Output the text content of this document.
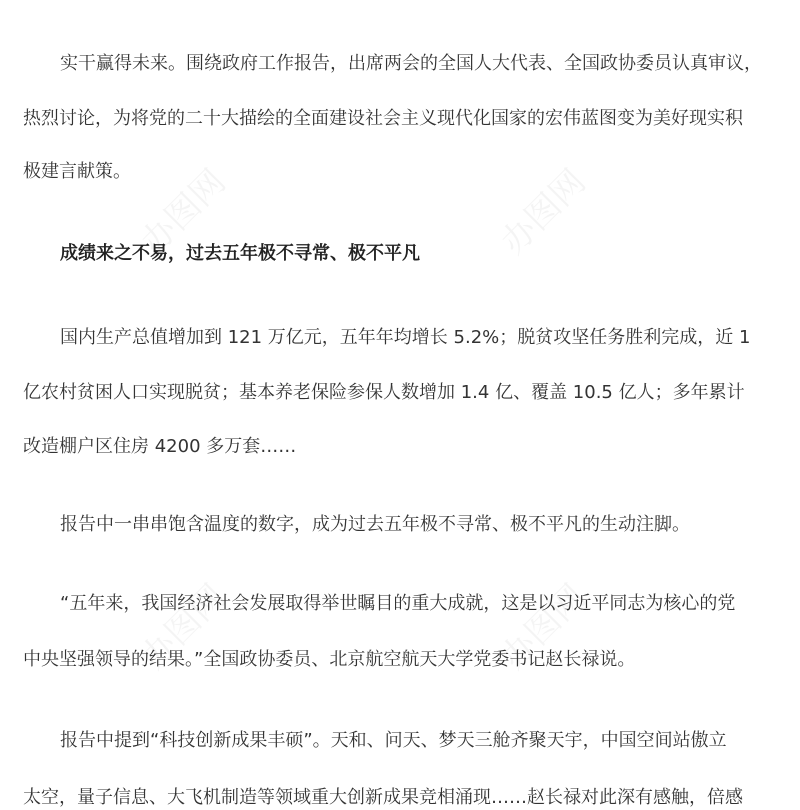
实干赢得未来。围绕政府工作报告，出席两会的全国人大代表、全国政协委员认真审议，
热烈讨论，为将党的二十大描绘的全面建设社会主义现代化国家的宏伟蓝图变为美好现实积
极建言献策。
成绩来之不易，过去五年极不寻常、极不平凡
国内生产总值增加到 121 万亿元，五年年均增长 5.2%；脱贫攻坚任务胜利完成，近 1
亿农村贫困人口实现脱贫；基本养老保险参保人数增加 1.4 亿、覆盖 10.5 亿人；多年累计
改造棚户区住房 4200 多万套……
报告中一串串饱含温度的数字，成为过去五年极不寻常、极不平凡的生动注脚。
“五年来，我国经济社会发展取得举世瞩目的重大成就，这是以习近平同志为核心的党
中央坚强领导的结果。”全国政协委员、北京航空航天大学党委书记赵长禄说。
报告中提到“科技创新成果丰硕”。天和、问天、梦天三舱齐聚天宇，中国空间站傲立
太空，量子信息、大飞机制造等领域重大创新成果竞相涌现……赵长禄对此深有感触，倍感
